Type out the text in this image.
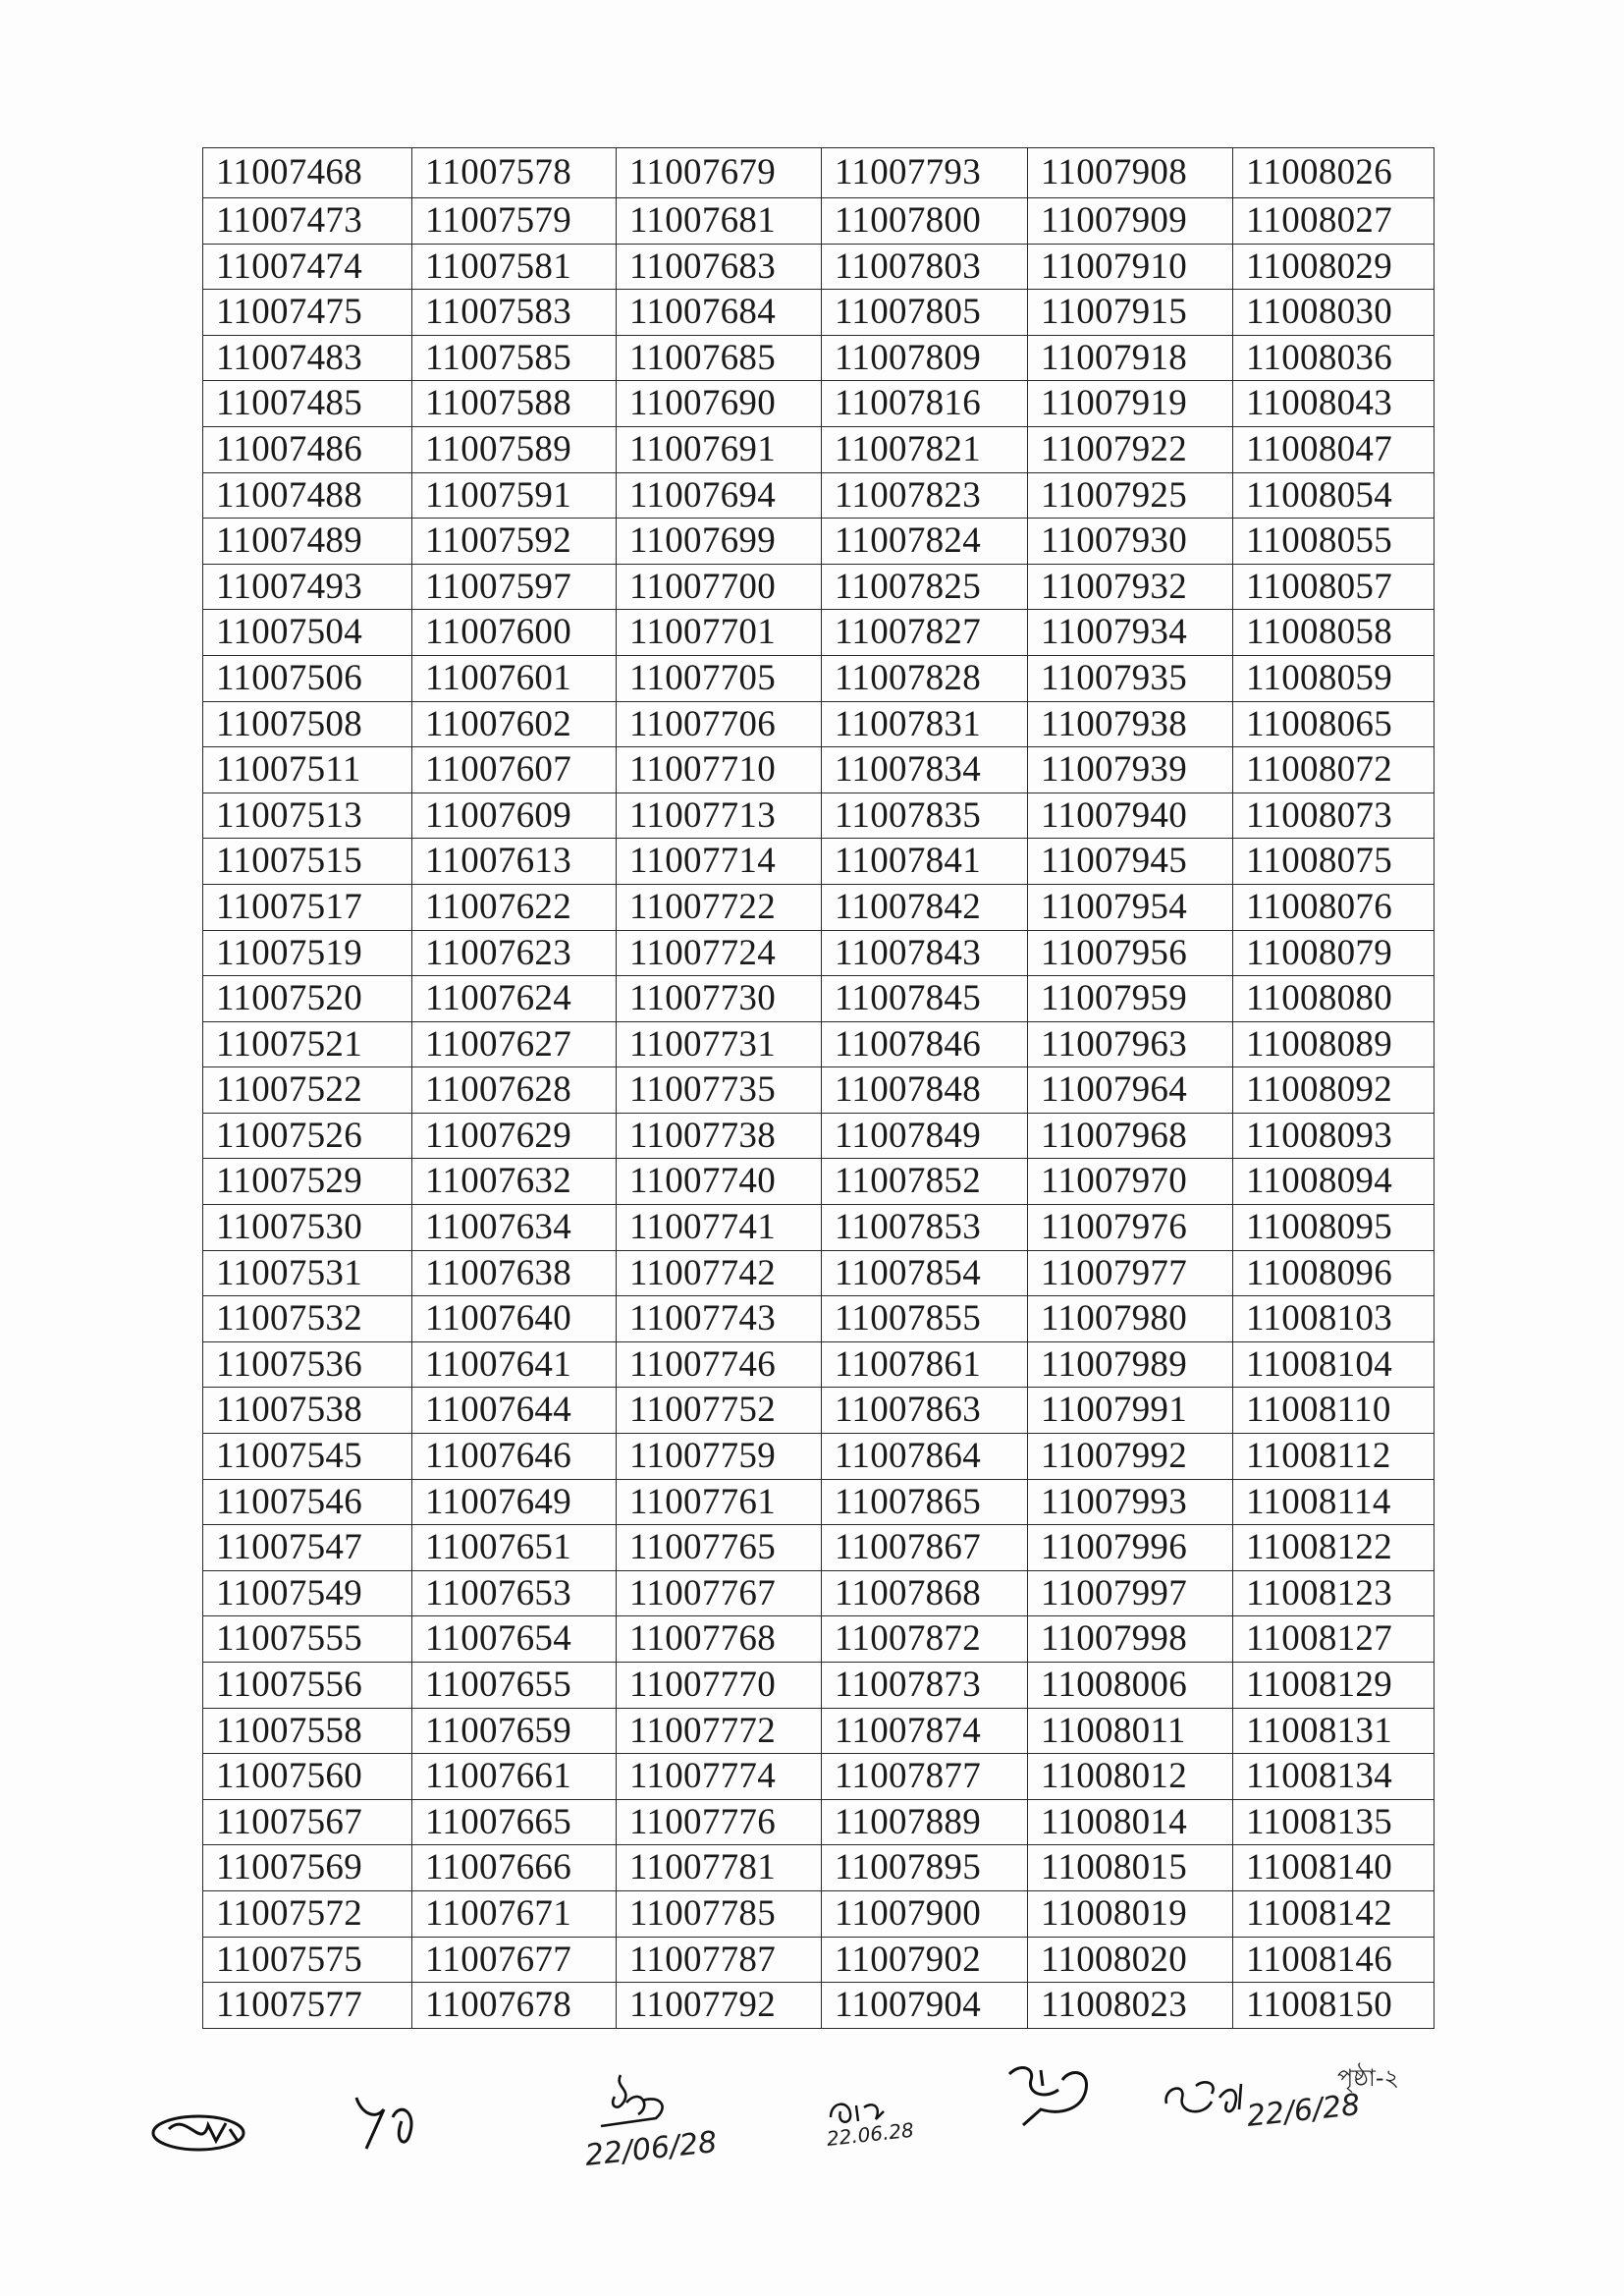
11007468	11007578	11007679	11007793	11007908	11008026
11007473	11007579	11007681	11007800	11007909	11008027
11007474	11007581	11007683	11007803	11007910	11008029
11007475	11007583	11007684	11007805	11007915	11008030
11007483	11007585	11007685	11007809	11007918	11008036
11007485	11007588	11007690	11007816	11007919	11008043
11007486	11007589	11007691	11007821	11007922	11008047
11007488	11007591	11007694	11007823	11007925	11008054
11007489	11007592	11007699	11007824	11007930	11008055
11007493	11007597	11007700	11007825	11007932	11008057
11007504	11007600	11007701	11007827	11007934	11008058
11007506	11007601	11007705	11007828	11007935	11008059
11007508	11007602	11007706	11007831	11007938	11008065
11007511	11007607	11007710	11007834	11007939	11008072
11007513	11007609	11007713	11007835	11007940	11008073
11007515	11007613	11007714	11007841	11007945	11008075
11007517	11007622	11007722	11007842	11007954	11008076
11007519	11007623	11007724	11007843	11007956	11008079
11007520	11007624	11007730	11007845	11007959	11008080
11007521	11007627	11007731	11007846	11007963	11008089
11007522	11007628	11007735	11007848	11007964	11008092
11007526	11007629	11007738	11007849	11007968	11008093
11007529	11007632	11007740	11007852	11007970	11008094
11007530	11007634	11007741	11007853	11007976	11008095
11007531	11007638	11007742	11007854	11007977	11008096
11007532	11007640	11007743	11007855	11007980	11008103
11007536	11007641	11007746	11007861	11007989	11008104
11007538	11007644	11007752	11007863	11007991	11008110
11007545	11007646	11007759	11007864	11007992	11008112
11007546	11007649	11007761	11007865	11007993	11008114
11007547	11007651	11007765	11007867	11007996	11008122
11007549	11007653	11007767	11007868	11007997	11008123
11007555	11007654	11007768	11007872	11007998	11008127
11007556	11007655	11007770	11007873	11008006	11008129
11007558	11007659	11007772	11007874	11008011	11008131
11007560	11007661	11007774	11007877	11008012	11008134
11007567	11007665	11007776	11007889	11008014	11008135
11007569	11007666	11007781	11007895	11008015	11008140
11007572	11007671	11007785	11007900	11008019	11008142
11007575	11007677	11007787	11007902	11008020	11008146
11007577	11007678	11007792	11007904	11008023	11008150
পৃষ্ঠা-২
22/06/28	22.06.28
22/6/28
